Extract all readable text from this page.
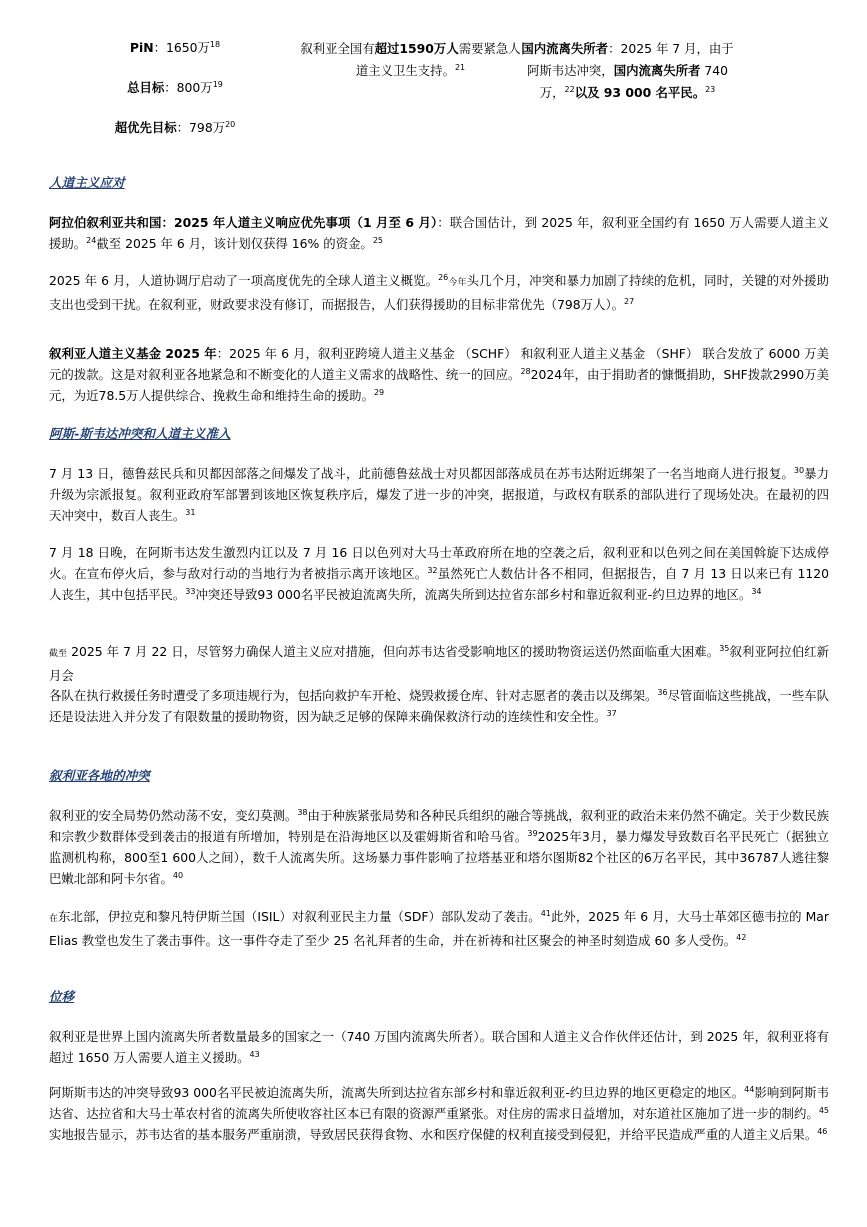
PiN：1650万$^{18}$
总目标：800万$^{19}$
超优先目标：798万$^{20}$
叙利亚全国有超过1590万人需要紧急人道主义卫生支持。$^{21}$
国内流离失所者：2025 年 7 月，由于阿斯韦达冲突，国内流离失所者 740 万，$^{22}$以及 93 000 名平民。$^{23}$
人道主义应对
阿拉伯叙利亚共和国：2025 年人道主义响应优先事项（1 月至 6 月）：联合国估计，到 2025 年，叙利亚全国约有 1650 万人需要人道主义援助。$^{24}$截至 2025 年 6 月，该计划仅获得 16% 的资金。$^{25}$
2025 年 6 月，人道协调厅启动了一项高度优先的全球人道主义概览。$^{26}$今年头几个月，冲突和暴力加剧了持续的危机，同时，关键的对外援助支出也受到干扰。在叙利亚，财政要求没有修订，而据报告，人们获得援助的目标非常优先（798万人）。$^{27}$
叙利亚人道主义基金 2025 年：2025 年 6 月，叙利亚跨境人道主义基金 （SCHF） 和叙利亚人道主义基金 （SHF） 联合发放了 6000 万美元的拨款。这是对叙利亚各地紧急和不断变化的人道主义需求的战略性、统一的回应。$^{28}$2024年，由于捐助者的慷慨捐助，SHF拨款2990万美元，为近78.5万人提供综合、挽救生命和维持生命的援助。$^{29}$
阿斯-斯韦达冲突和人道主义准入
7 月 13 日，德鲁兹民兵和贝都因部落之间爆发了战斗，此前德鲁兹战士对贝都因部落成员在苏韦达附近绑架了一名当地商人进行报复。$^{30}$暴力升级为宗派报复。叙利亚政府军部署到该地区恢复秩序后，爆发了进一步的冲突，据报道，与政权有联系的部队进行了现场处决。在最初的四天冲突中，数百人丧生。$^{31}$
7 月 18 日晚，在阿斯韦达发生激烈内讧以及 7 月 16 日以色列对大马士革政府所在地的空袭之后，叙利亚和以色列之间在美国斡旋下达成停火。在宣布停火后，参与敌对行动的当地行为者被指示离开该地区。$^{32}$虽然死亡人数估计各不相同，但据报告，自 7 月 13 日以来已有 1120 人丧生，其中包括平民。$^{33}$冲突还导致93 000名平民被迫流离失所，流离失所到达拉省东部乡村和靠近叙利亚-约旦边界的地区。$^{34}$
截至 2025 年 7 月 22 日，尽管努力确保人道主义应对措施，但向苏韦达省受影响地区的援助物资运送仍然面临重大困难。$^{35}$叙利亚阿拉伯红新月会
各队在执行救援任务时遭受了多项违规行为，包括向救护车开枪、烧毁救援仓库、针对志愿者的袭击以及绑架。$^{36}$尽管面临这些挑战，一些车队还是设法进入并分发了有限数量的援助物资，因为缺乏足够的保障来确保救济行动的连续性和安全性。$^{37}$
叙利亚各地的冲突
叙利亚的安全局势仍然动荡不安，变幻莫测。$^{38}$由于种族紧张局势和各种民兵组织的融合等挑战，叙利亚的政治未来仍然不确定。关于少数民族和宗教少数群体受到袭击的报道有所增加，特别是在沿海地区以及霍姆斯省和哈马省。$^{39}$2025年3月，暴力爆发导致数百名平民死亡（据独立监测机构称，800至1 600人之间），数千人流离失所。这场暴力事件影响了拉塔基亚和塔尔图斯82个社区的6万名平民，其中36787人逃往黎巴嫩北部和阿卡尔省。$^{40}$
在东北部，伊拉克和黎凡特伊斯兰国（ISIL）对叙利亚民主力量（SDF）部队发动了袭击。$^{41}$此外，2025 年 6 月，大马士革郊区德韦拉的 Mar Elias 教堂也发生了袭击事件。这一事件夺走了至少 25 名礼拜者的生命，并在祈祷和社区聚会的神圣时刻造成 60 多人受伤。$^{42}$
位移
叙利亚是世界上国内流离失所者数量最多的国家之一（740 万国内流离失所者）。联合国和人道主义合作伙伴还估计，到 2025 年，叙利亚将有超过 1650 万人需要人道主义援助。$^{43}$
阿斯斯韦达的冲突导致93 000名平民被迫流离失所，流离失所到达拉省东部乡村和靠近叙利亚-约旦边界的地区更稳定的地区。$^{44}$影响到阿斯韦达省、达拉省和大马士革农村省的流离失所使收容社区本已有限的资源严重紧张。对住房的需求日益增加，对东道社区施加了进一步的制约。$^{45}$实地报告显示，苏韦达省的基本服务严重崩溃，导致居民获得食物、水和医疗保健的权利直接受到侵犯，并给平民造成严重的人道主义后果。$^{46}$
